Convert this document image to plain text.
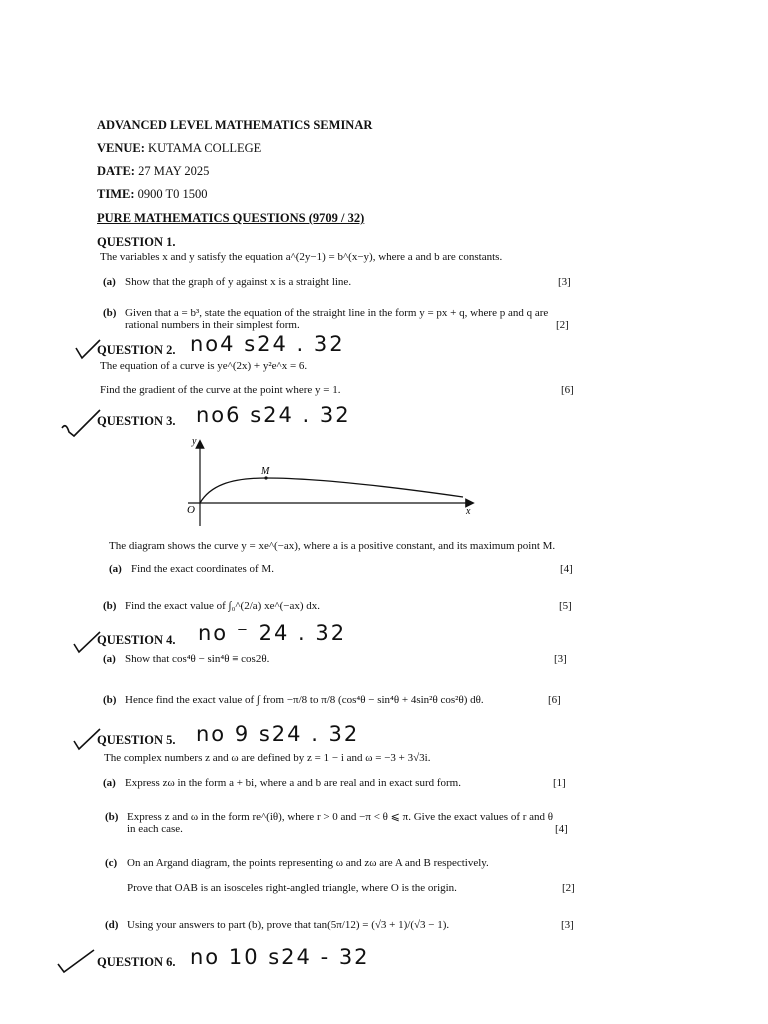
ADVANCED LEVEL MATHEMATICS SEMINAR
VENUE: KUTAMA COLLEGE
DATE: 27 MAY 2025
TIME: 0900 T0 1500
PURE MATHEMATICS QUESTIONS (9709 / 32)
QUESTION 1.
The variables x and y satisfy the equation a^(2y−1) = b^(x−y), where a and b are constants.
(a) Show that the graph of y against x is a straight line.	[3]
(b) Given that a = b³, state the equation of the straight line in the form y = px + q, where p and q are
rational numbers in their simplest form.	[2]
QUESTION 2. no4 s24 . 32
The equation of a curve is ye^(2x) + y²e^x = 6.
Find the gradient of the curve at the point where y = 1.	[6]
QUESTION 3. no6 s24 . 32
y
x
O
M
The diagram shows the curve y = xe^(−ax), where a is a positive constant, and its maximum point M.
(a) Find the exact coordinates of M.	[4]
(b) Find the exact value of ∫₀^(2/a) xe^(−ax) dx.	[5]
QUESTION 4. no ⁻ 24 . 32
(a) Show that cos⁴θ − sin⁴θ ≡ cos2θ.	[3]
(b) Hence find the exact value of ∫ from −π/8 to π/8 (cos⁴θ − sin⁴θ + 4sin²θ cos²θ) dθ.	[6]
QUESTION 5. no 9 s24 . 32
The complex numbers z and ω are defined by z = 1 − i and ω = −3 + 3√3i.
(a) Express zω in the form a + bi, where a and b are real and in exact surd form.	[1]
(b) Express z and ω in the form re^(iθ), where r > 0 and −π < θ ⩽ π. Give the exact values of r and θ
in each case.	[4]
(c) On an Argand diagram, the points representing ω and zω are A and B respectively.
Prove that OAB is an isosceles right-angled triangle, where O is the origin.	[2]
(d) Using your answers to part (b), prove that tan(5π/12) = (√3 + 1)/(√3 − 1).	[3]
QUESTION 6. no 10 s24 - 32
